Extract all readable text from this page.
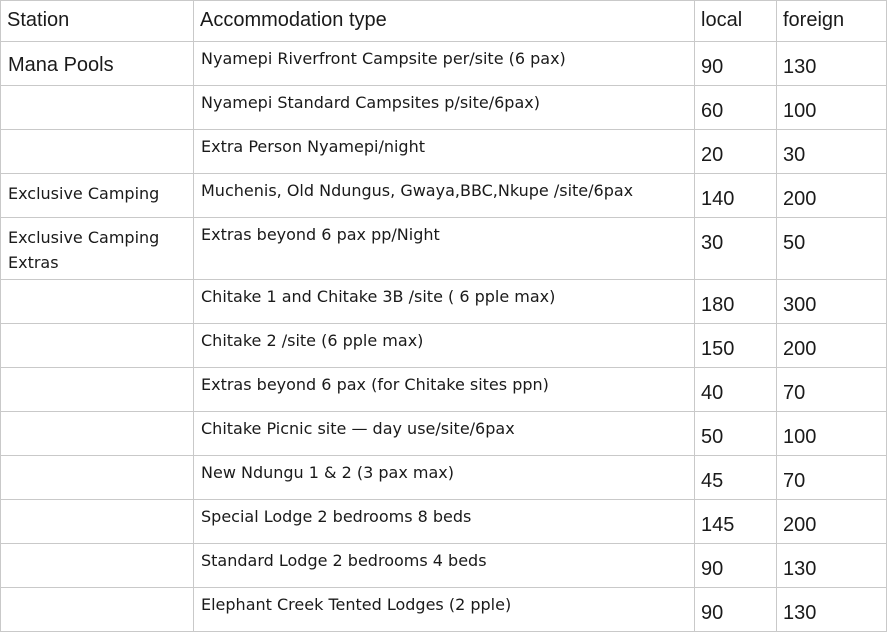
Station	Accommodation type	local	foreign
Mana Pools	Nyamepi Riverfront Campsite per/site (6 pax)	90	130
	Nyamepi Standard Campsites p/site/6pax)	60	100
	Extra Person Nyamepi/night	20	30
Exclusive Camping	Muchenis, Old Ndungus, Gwaya,BBC,Nkupe /site/6pax	140	200
Exclusive Camping Extras	Extras beyond 6 pax pp/Night	30	50
	Chitake 1 and Chitake 3B /site ( 6 pple max)	180	300
	Chitake 2 /site (6 pple max)	150	200
	Extras beyond 6 pax (for Chitake sites ppn)	40	70
	Chitake Picnic site — day use/site/6pax	50	100
	New Ndungu 1 & 2 (3 pax max)	45	70
	Special Lodge 2 bedrooms 8 beds	145	200
	Standard Lodge 2 bedrooms 4 beds	90	130
	Elephant Creek Tented Lodges (2 pple)	90	130
